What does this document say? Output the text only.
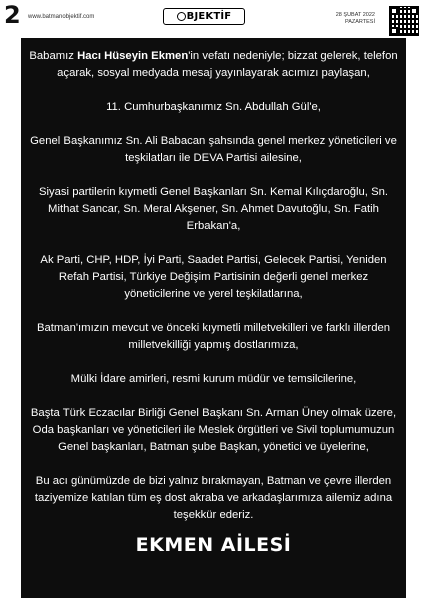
2 www.batmanobjektif.com	BJEKTİF	28 ŞUBAT 2022
PAZARTESİ

Babamız Hacı Hüseyin Ekmen'in vefatı nedeniyle; bizzat gelerek, telefon açarak, sosyal medyada mesaj yayınlayarak acımızı paylaşan,

11. Cumhurbaşkanımız Sn. Abdullah Gül'e,

Genel Başkanımız Sn. Ali Babacan şahsında genel merkez yöneticileri ve teşkilatları ile DEVA Partisi ailesine,

Siyasi partilerin kıymetli Genel Başkanları Sn. Kemal Kılıçdaroğlu, Sn. Mithat Sancar, Sn. Meral Akşener, Sn. Ahmet Davutoğlu, Sn. Fatih Erbakan'a,

Ak Parti, CHP, HDP, İyi Parti, Saadet Partisi, Gelecek Partisi, Yeniden Refah Partisi, Türkiye Değişim Partisinin değerli genel merkez yöneticilerine ve yerel teşkilatlarına,

Batman'ımızın mevcut ve önceki kıymetli milletvekilleri ve farklı illerden milletvekilliği yapmış dostlarımıza,

Mülki İdare amirleri, resmi kurum müdür ve temsilcilerine,

Başta Türk Eczacılar Birliği Genel Başkanı Sn. Arman Üney olmak üzere, Oda başkanları ve yöneticileri ile Meslek örgütleri ve Sivil toplumumuzun Genel başkanları, Batman şube Başkan, yönetici ve üyelerine,

Bu acı günümüzde de bizi yalnız bırakmayan, Batman ve çevre illerden taziyemize katılan tüm eş dost akraba ve arkadaşlarımıza ailemiz adına teşekkür ederiz.

EKMEN AİLESİ
